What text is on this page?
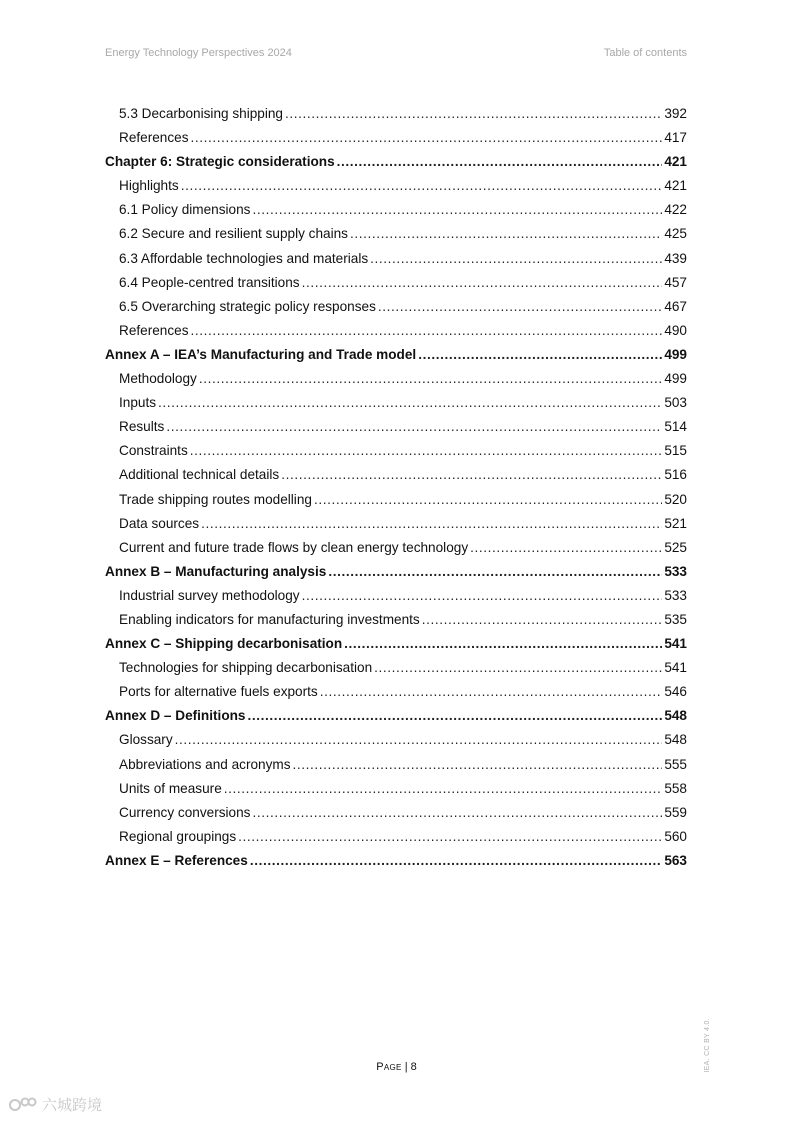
Energy Technology Perspectives 2024	Table of contents
5.3 Decarbonising shipping .....	392
References .....	417
Chapter 6: Strategic considerations .....	421
Highlights .....	421
6.1 Policy dimensions .....	422
6.2 Secure and resilient supply chains .....	425
6.3 Affordable technologies and materials .....	439
6.4 People-centred transitions .....	457
6.5 Overarching strategic policy responses .....	467
References .....	490
Annex A – IEA’s Manufacturing and Trade model .....	499
Methodology .....	499
Inputs .....	503
Results .....	514
Constraints .....	515
Additional technical details .....	516
Trade shipping routes modelling .....	520
Data sources .....	521
Current and future trade flows by clean energy technology .....	525
Annex B – Manufacturing analysis .....	533
Industrial survey methodology .....	533
Enabling indicators for manufacturing investments .....	535
Annex C – Shipping decarbonisation .....	541
Technologies for shipping decarbonisation .....	541
Ports for alternative fuels exports .....	546
Annex D – Definitions .....	548
Glossary .....	548
Abbreviations and acronyms .....	555
Units of measure .....	558
Currency conversions .....	559
Regional groupings .....	560
Annex E – References .....	563
Page | 8	IEA. CC BY 4.0.
六城跨境
